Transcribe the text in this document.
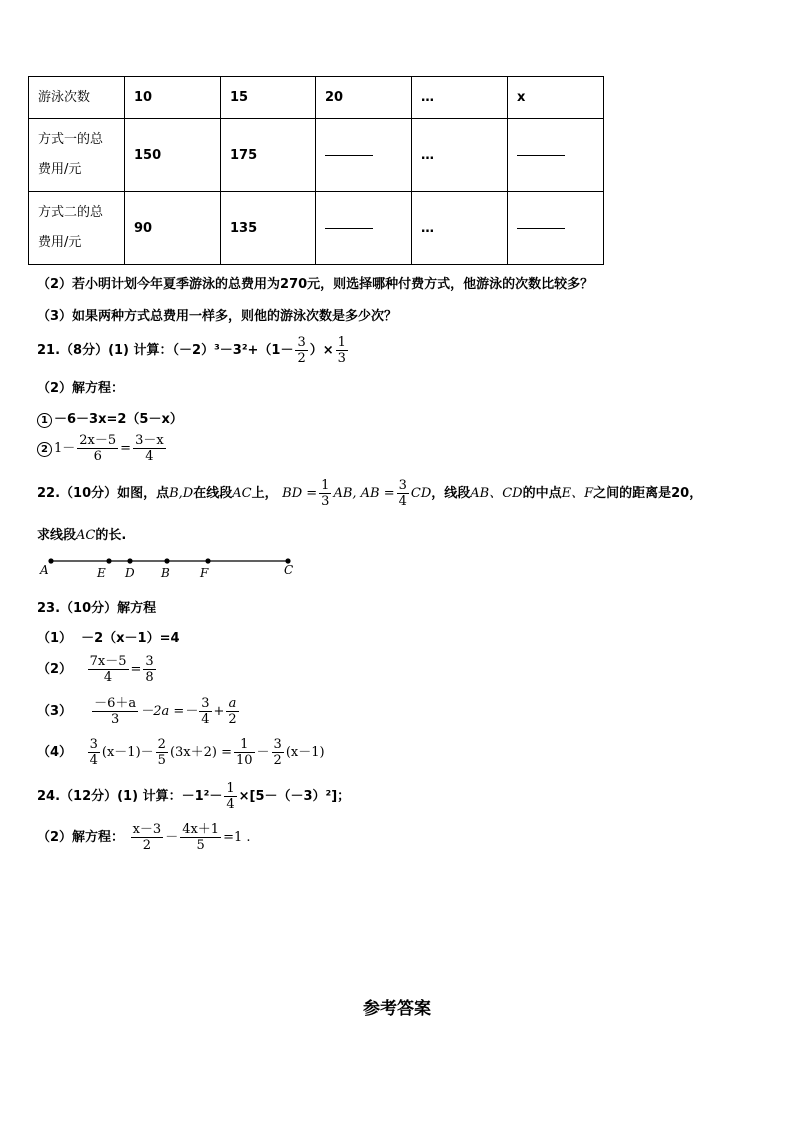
游泳次数	10	15	20	…	x
方式一的总
费用/元	150	175		…	
方式二的总
费用/元	90	135		…	
（2）若小明计划今年夏季游泳的总费用为270元，则选择哪种付费方式，他游泳的次数比较多？
（3）如果两种方式总费用一样多，则他的游泳次数是多少次？
21.（8分）(1) 计算：$(-2)^3-3^2+(1- \frac{3}{2}$ ）× $\frac{1}{3}$
（2）解方程：
1 －6－3x=2（5－x）
2 $1- \frac{2x-5}{6} = \frac{3-x}{4}$
22.（10分）如图，点B,D在线段AC上， BD = $\frac{1}{3}$ AB, AB = $\frac{3}{4}$ CD，线段AB、CD的中点E、F之间的距离是20，
求线段AC的长.
A	E D B	F	C
23.（10分）解方程
（1） －2（x－1）=4
$(2) \frac{7x-5}{4} = \frac{3}{8}$
$(3) \frac{-6+a}{3} -2a =- \frac{3}{4} + \frac{a}{2}$
$(4) \frac{3}{4} (x-1)- \frac{2}{5} (3x+2) = \frac{1}{10} - \frac{3}{2} (x-1)$
24.（12分）(1) 计算：$-1^2- \frac{1}{4} \times[5-(-3)^2]$；
（2）解方程： $\frac{x-3}{2} - \frac{4x+1}{5} =1$ .
参考答案
